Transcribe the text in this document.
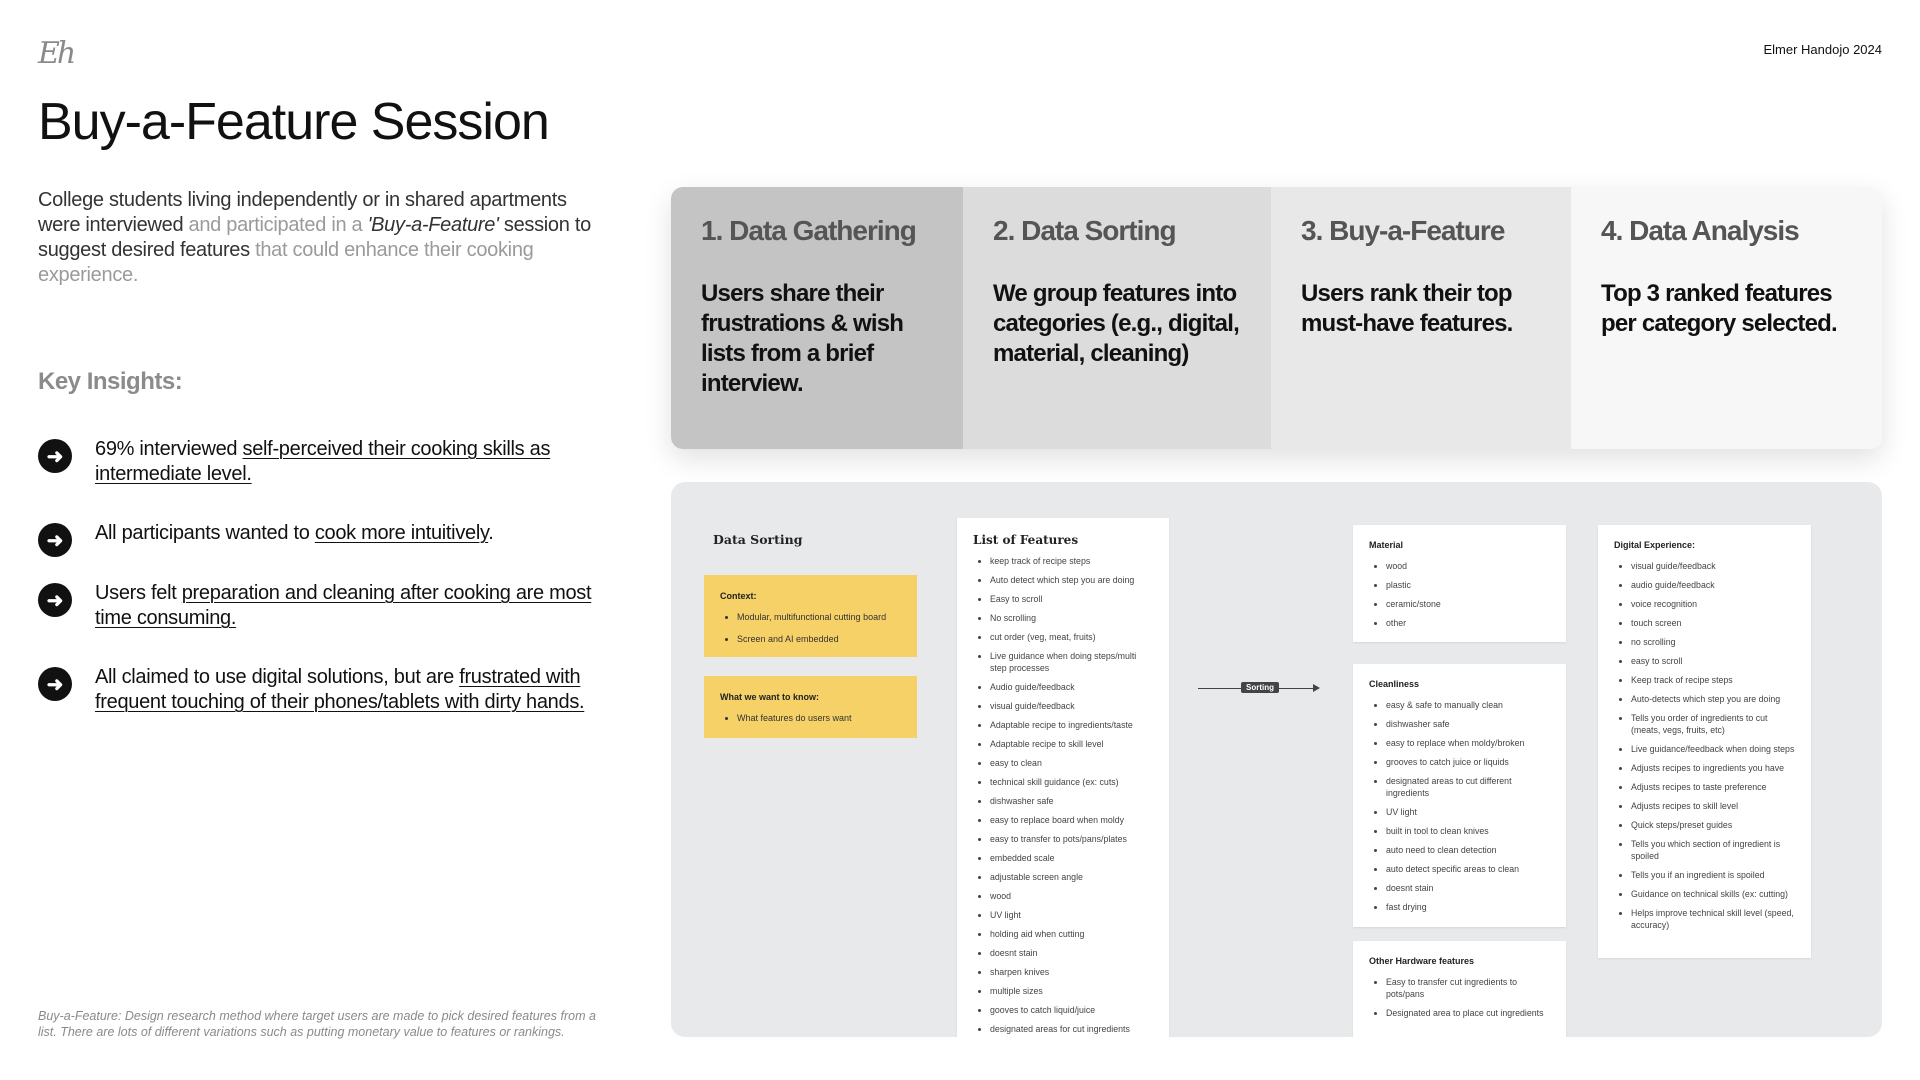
Eh	Elmer Handojo 2024
Buy-a-Feature Session
College students living independently or in shared apartments were interviewed and participated in a 'Buy-a-Feature' session to suggest desired features that could enhance their cooking experience.
Key Insights:
➜	69% interviewed self-perceived their cooking skills as intermediate level.
➜	All participants wanted to cook more intuitively.
➜	Users felt preparation and cleaning after cooking are most time consuming.
➜	All claimed to use digital solutions, but are frustrated with frequent touching of their phones/tablets with dirty hands.
Buy-a-Feature: Design research method where target users are made to pick desired features from a list. There are lots of different variations such as putting monetary value to features or rankings.
1. Data Gathering

Users share their frustrations & wish lists from a brief interview.

2. Data Sorting

We group features into categories (e.g., digital, material, cleaning)

3. Buy-a-Feature

Users rank their top must-have features.

4. Data Analysis

Top 3 ranked features per category selected.

Data Sorting
Context:
• Modular, multifunctional cutting board
• Screen and AI embedded
What we want to know:
• What features do users want
List of Features
• keep track of recipe steps
• Auto detect which step you are doing
• Easy to scroll
• No scrolling
• cut order (veg, meat, fruits)
• Live guidance when doing steps/multi step processes
• Audio guide/feedback
• visual guide/feedback
• Adaptable recipe to ingredients/taste
• Adaptable recipe to skill level
• easy to clean
• technical skill guidance (ex: cuts)
• dishwasher safe
• easy to replace board when moldy
• easy to transfer to pots/pans/plates
• embedded scale
• adjustable screen angle
• wood
• UV light
• holding aid when cutting
• doesnt stain
• sharpen knives
• multiple sizes
• gooves to catch liquid/juice
• designated areas for cut ingredients
Sorting
Material
• wood
• plastic
• ceramic/stone
• other
Cleanliness
• easy & safe to manually clean
• dishwasher safe
• easy to replace when moldy/broken
• grooves to catch juice or liquids
• designated areas to cut different ingredients
• UV light
• built in tool to clean knives
• auto need to clean detection
• auto detect specific areas to clean
• doesnt stain
• fast drying
Other Hardware features
• Easy to transfer cut ingredients to pots/pans
• Designated area to place cut ingredients
Digital Experience:
• visual guide/feedback
• audio guide/feedback
• voice recognition
• touch screen
• no scrolling
• easy to scroll
• Keep track of recipe steps
• Auto-detects which step you are doing
• Tells you order of ingredients to cut (meats, vegs, fruits, etc)
• Live guidance/feedback when doing steps
• Adjusts recipes to ingredients you have
• Adjusts recipes to taste preference
• Adjusts recipes to skill level
• Quick steps/preset guides
• Tells you which section of ingredient is spoiled
• Tells you if an ingredient is spoiled
• Guidance on technical skills (ex: cutting)
• Helps improve technical skill level (speed, accuracy)
